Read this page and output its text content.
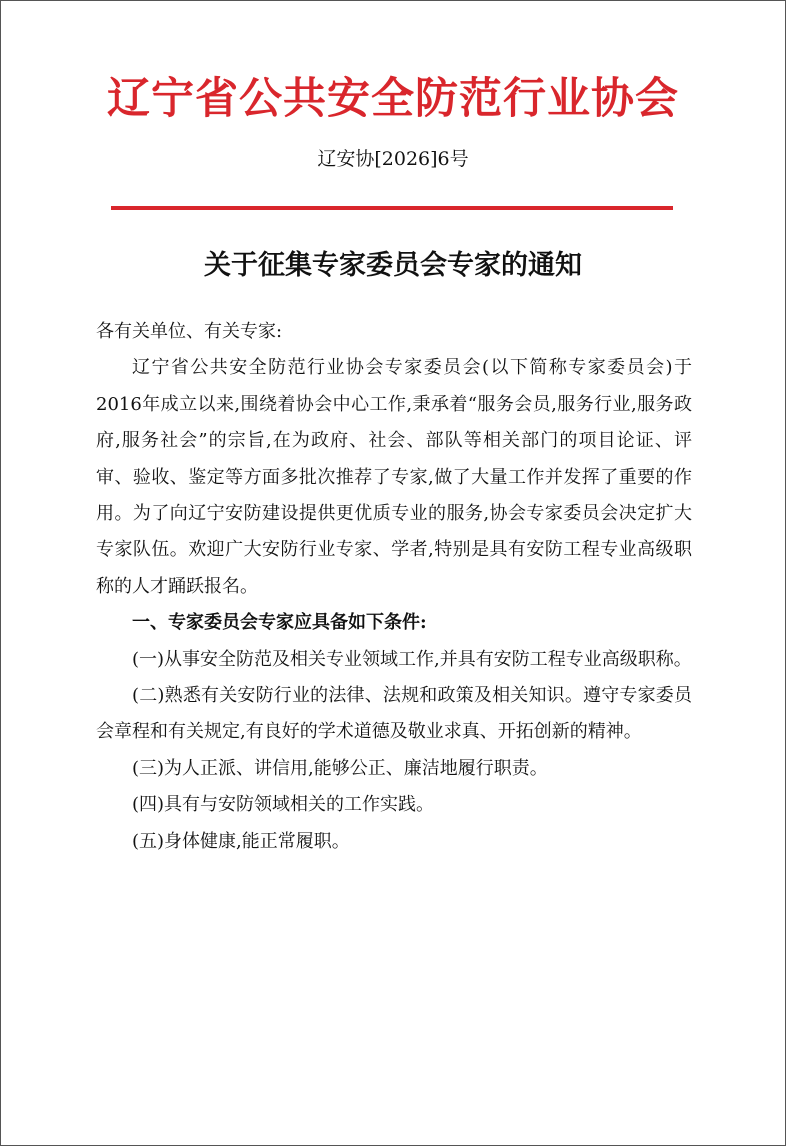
辽宁省公共安全防范行业协会
辽安协[2026]6号
关于征集专家委员会专家的通知

各有关单位、有关专家:

辽宁省公共安全防范行业协会专家委员会(以下简称专家委员会)于2016年成立以来,围绕着协会中心工作,秉承着“服务会员,服务行业,服务政府,服务社会”的宗旨,在为政府、社会、部队等相关部门的项目论证、评审、验收、鉴定等方面多批次推荐了专家,做了大量工作并发挥了重要的作用。为了向辽宁安防建设提供更优质专业的服务,协会专家委员会决定扩大专家队伍。欢迎广大安防行业专家、学者,特别是具有安防工程专业高级职称的人才踊跃报名。

一、专家委员会专家应具备如下条件:

(一)从事安全防范及相关专业领域工作,并具有安防工程专业高级职称。

(二)熟悉有关安防行业的法律、法规和政策及相关知识。遵守专家委员会章程和有关规定,有良好的学术道德及敬业求真、开拓创新的精神。

(三)为人正派、讲信用,能够公正、廉洁地履行职责。

(四)具有与安防领域相关的工作实践。

(五)身体健康,能正常履职。
